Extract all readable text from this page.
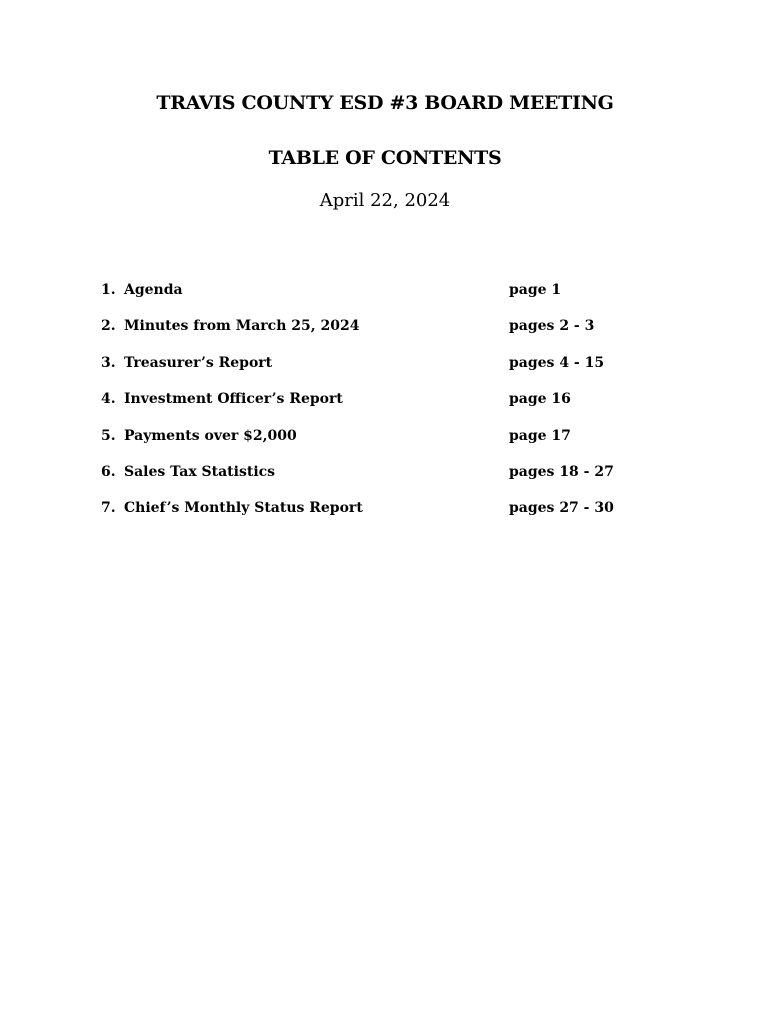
TRAVIS COUNTY ESD #3 BOARD MEETING
TABLE OF CONTENTS
April 22, 2024
1. Agenda	page 1
2. Minutes from March 25, 2024	pages 2 - 3
3. Treasurer’s Report	pages 4 - 15
4. Investment Officer’s Report	page 16
5. Payments over $2,000	page 17
6. Sales Tax Statistics	pages 18 - 27
7. Chief’s Monthly Status Report	pages 27 - 30
